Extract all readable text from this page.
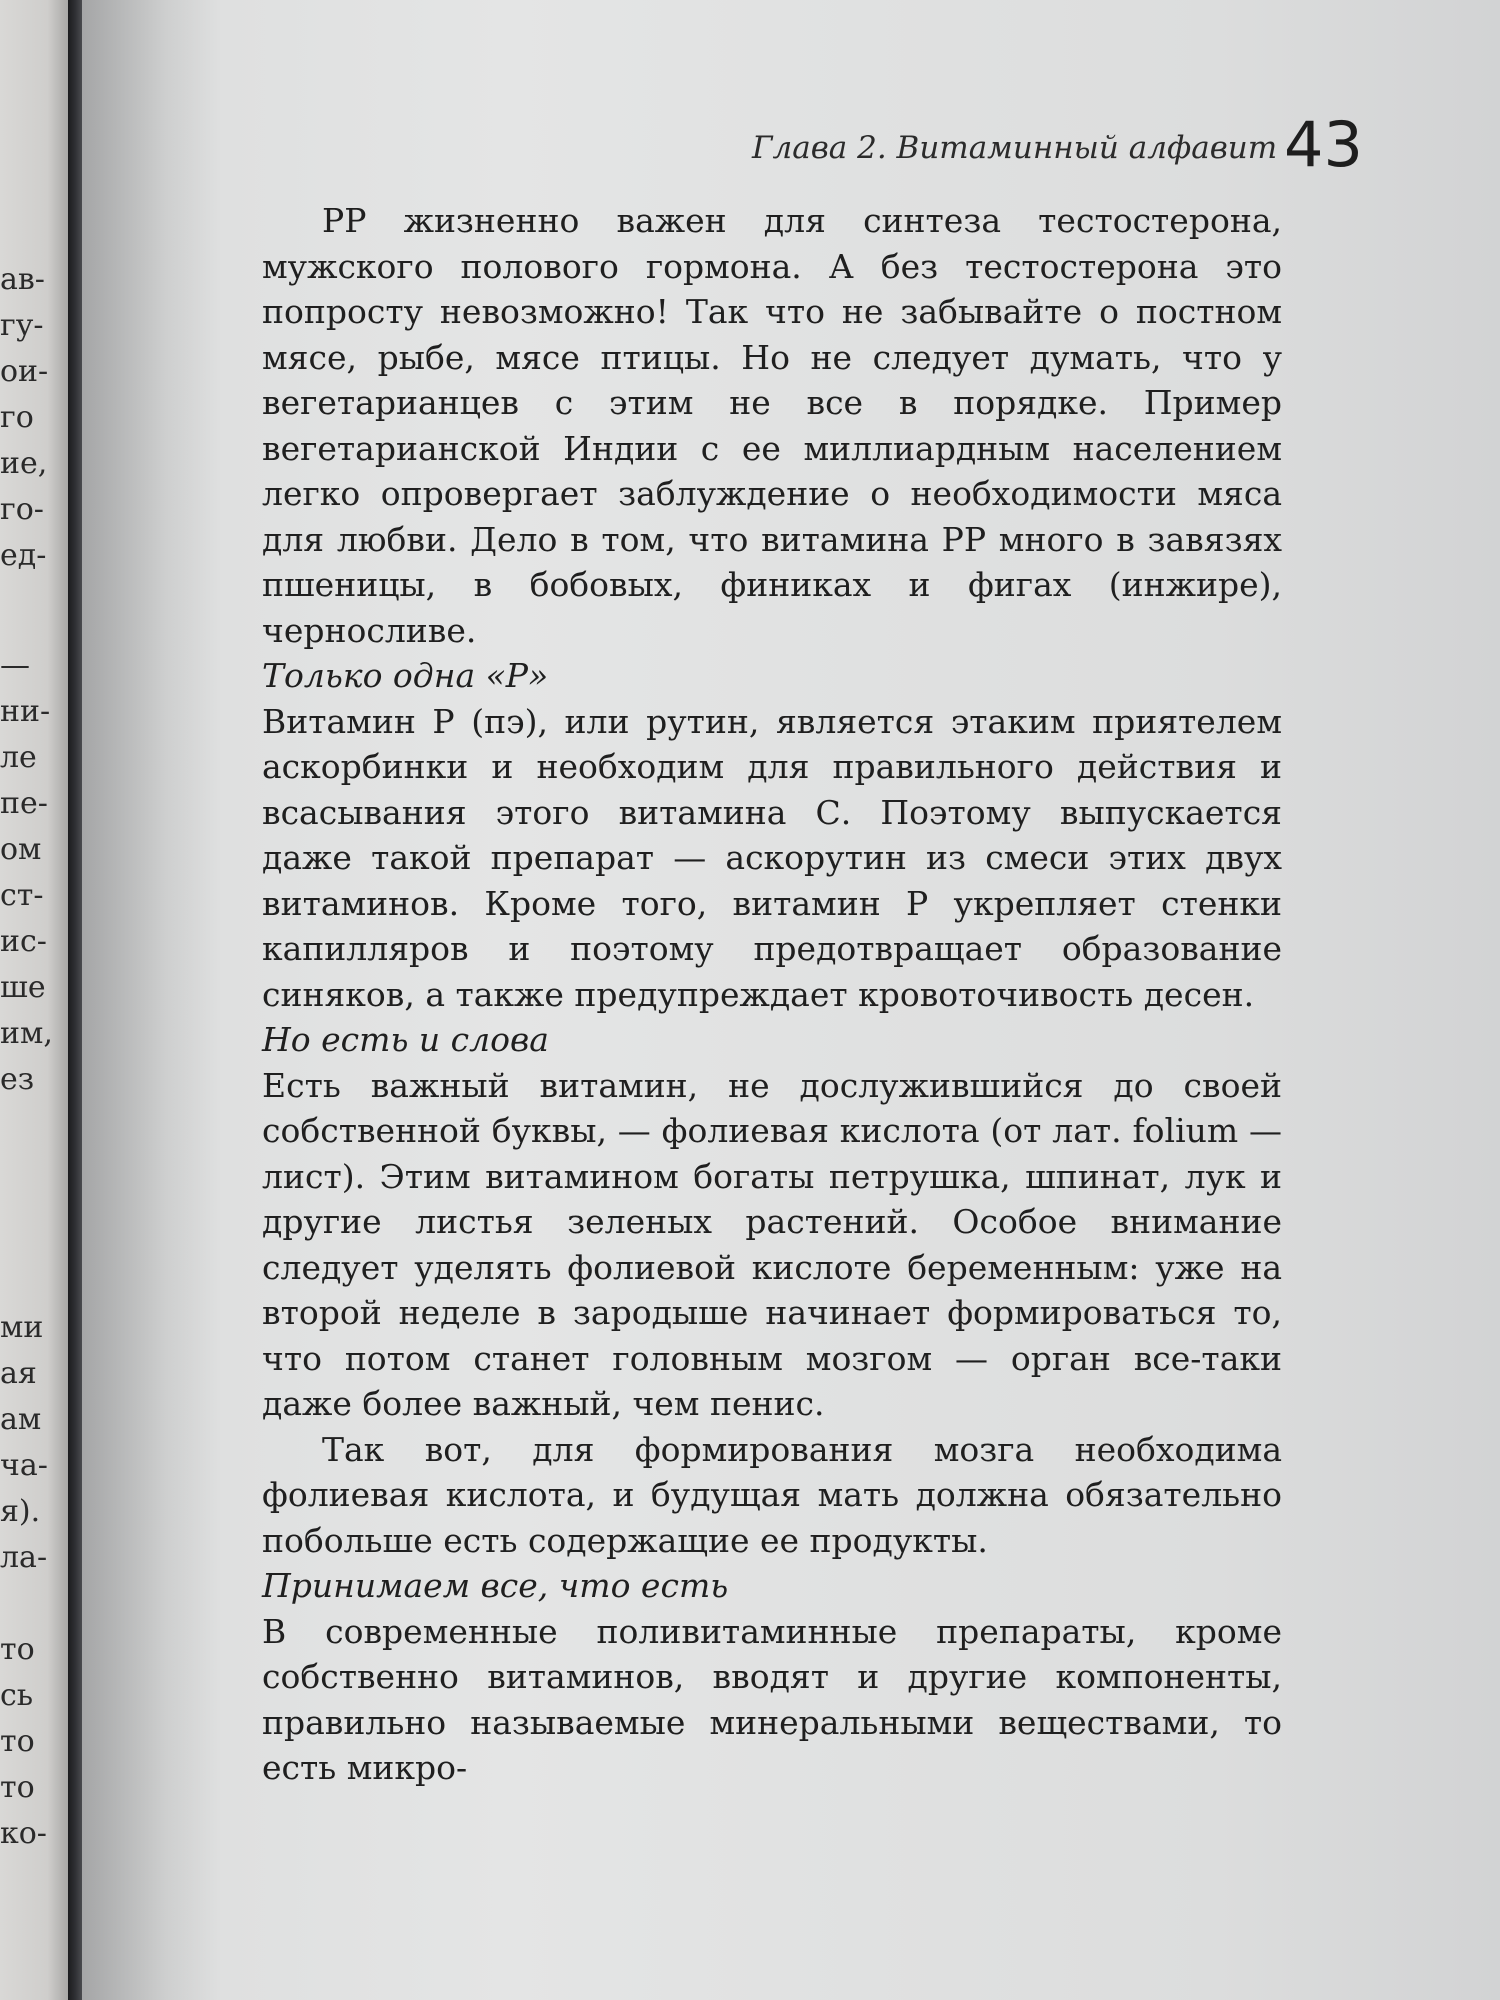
ав-
гу-
ои-
го
ие,
го-
ед-
—
ни-
ле
пе-
ом
ст-
ис-
ше
им,
ез
ми
ая
ам
ча-
я).
ла-
то
сь
то
то
ко-
Глава 2. Витаминный алфавит 43

РР жизненно важен для синтеза тестостерона, мужского полового гормона. А без тестостерона это попросту невозможно! Так что не забывайте о постном мясе, рыбе, мясе птицы. Но не следует думать, что у вегетарианцев с этим не все в порядке. Пример вегетарианской Индии с ее миллиардным населением легко опровергает заблуждение о необходимости мяса для любви. Дело в том, что витамина РР много в завязях пшеницы, в бобовых, финиках и фигах (инжире), черносливе.

Только одна «Р»

Витамин Р (пэ), или рутин, является этаким приятелем аскорбинки и необходим для правильного действия и всасывания этого витамина С. Поэтому выпускается даже такой препарат — аскорутин из смеси этих двух витаминов. Кроме того, витамин Р укрепляет стенки капилляров и поэтому предотвращает образование синяков, а также предупреждает кровоточивость десен.

Но есть и слова

Есть важный витамин, не дослужившийся до своей собственной буквы, — фолиевая кислота (от лат. folium — лист). Этим витамином богаты петрушка, шпинат, лук и другие листья зеленых растений. Особое внимание следует уделять фолиевой кислоте беременным: уже на второй неделе в зародыше начинает формироваться то, что потом станет головным мозгом — орган все-таки даже более важный, чем пенис.

Так вот, для формирования мозга необходима фолиевая кислота, и будущая мать должна обязательно побольше есть содержащие ее продукты.

Принимаем все, что есть

В современные поливитаминные препараты, кроме собственно витаминов, вводят и другие компоненты, правильно называемые минеральными веществами, то есть микро-
